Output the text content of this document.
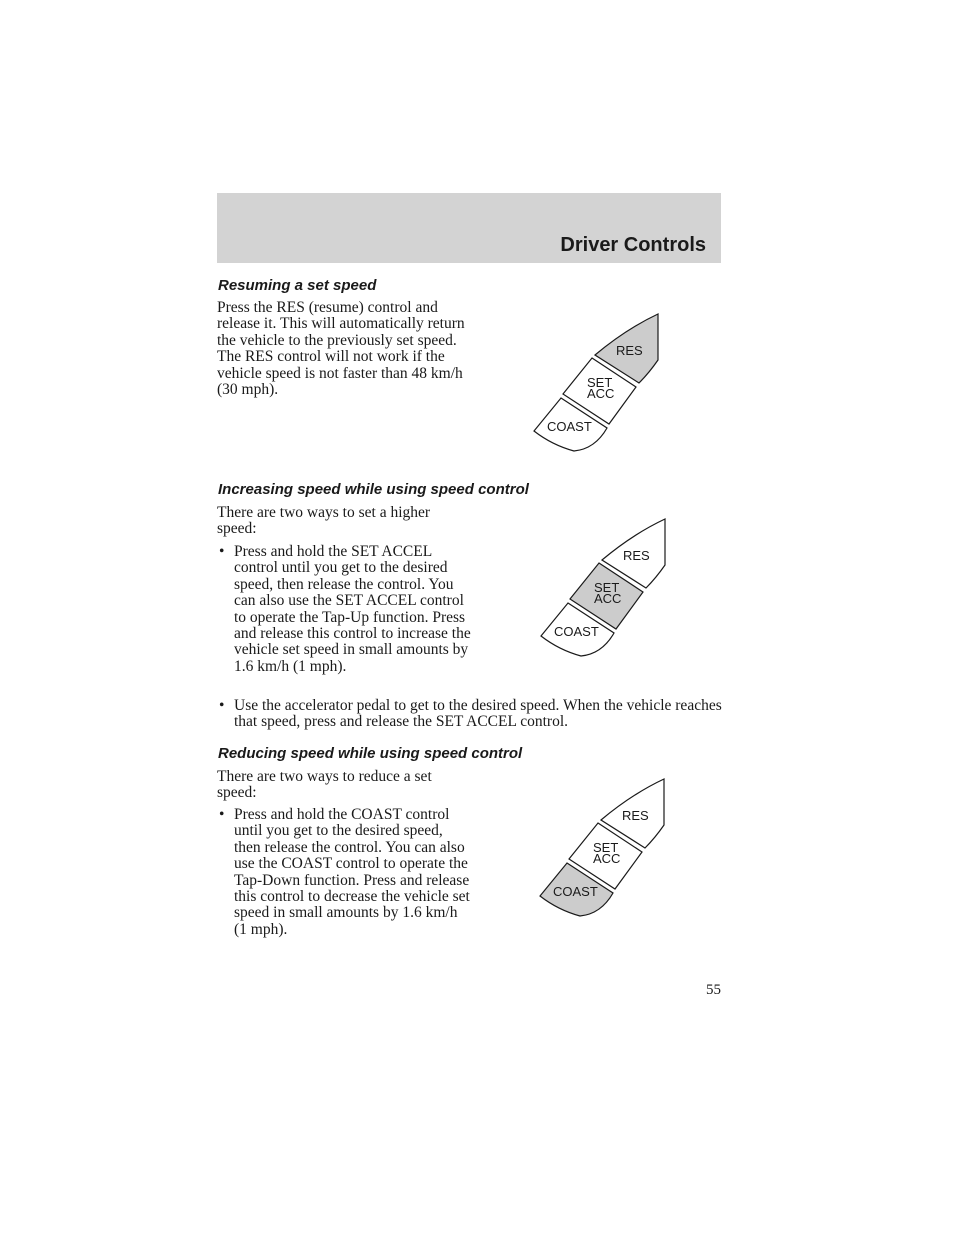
Driver Controls
Resuming a set speed

Press the RES (resume) control and release it. This will automatically return the vehicle to the previously set speed. The RES control will not work if the vehicle speed is not faster than 48 km/h (30 mph).

RES
SET
ACC
COAST
Increasing speed while using speed control

There are two ways to set a higher speed:

• Press and hold the SET ACCEL control until you get to the desired speed, then release the control. You can also use the SET ACCEL control to operate the Tap-Up function. Press and release this control to increase the vehicle set speed in small amounts by 1.6 km/h (1 mph).
• Use the accelerator pedal to get to the desired speed. When the vehicle reaches that speed, press and release the SET ACCEL control.
RES
SET
ACC
COAST
Reducing speed while using speed control

There are two ways to reduce a set speed:

• Press and hold the COAST control until you get to the desired speed, then release the control. You can also use the COAST control to operate the Tap-Down function. Press and release this control to decrease the vehicle set speed in small amounts by 1.6 km/h (1 mph).
RES
SET
ACC
COAST
55
